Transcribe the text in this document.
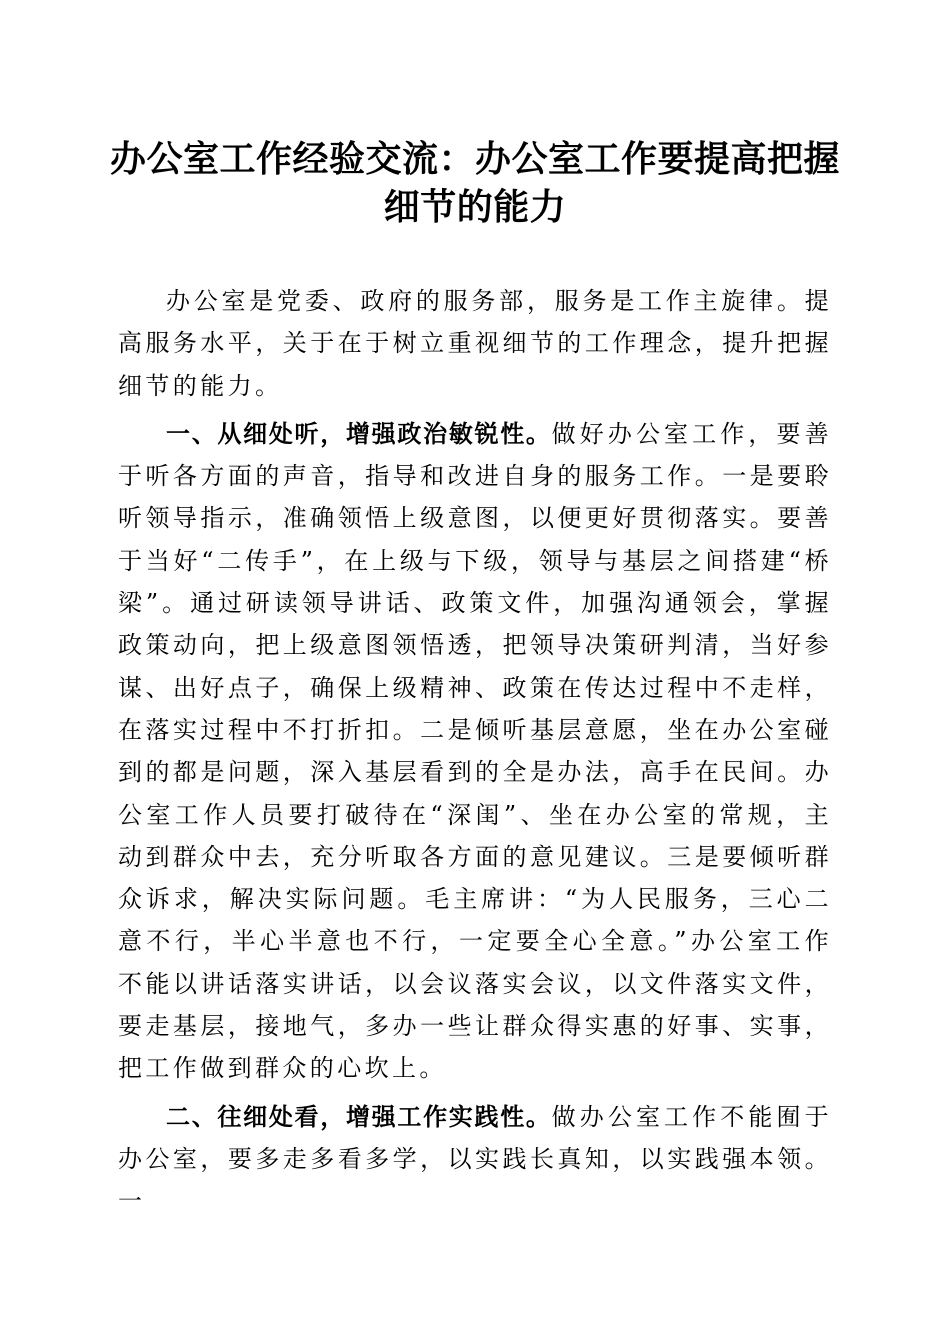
办公室工作经验交流：办公室工作要提高把握细节的能力

办公室是党委、政府的服务部，服务是工作主旋律。提高服务水平，关于在于树立重视细节的工作理念，提升把握细节的能力。

一、从细处听，增强政治敏锐性。做好办公室工作，要善于听各方面的声音，指导和改进自身的服务工作。一是要聆听领导指示，准确领悟上级意图，以便更好贯彻落实。要善于当好“二传手”，在上级与下级，领导与基层之间搭建“桥梁”。通过研读领导讲话、政策文件，加强沟通领会，掌握政策动向，把上级意图领悟透，把领导决策研判清，当好参谋、出好点子，确保上级精神、政策在传达过程中不走样，在落实过程中不打折扣。二是倾听基层意愿，坐在办公室碰到的都是问题，深入基层看到的全是办法，高手在民间。办公室工作人员要打破待在“深闺”、坐在办公室的常规，主动到群众中去，充分听取各方面的意见建议。三是要倾听群众诉求，解决实际问题。毛主席讲：“为人民服务，三心二意不行，半心半意也不行，一定要全心全意。”办公室工作不能以讲话落实讲话，以会议落实会议，以文件落实文件，要走基层，接地气，多办一些让群众得实惠的好事、实事，把工作做到群众的心坎上。

二、往细处看，增强工作实践性。做办公室工作不能囿于办公室，要多走多看多学，以实践长真知，以实践强本领。一
